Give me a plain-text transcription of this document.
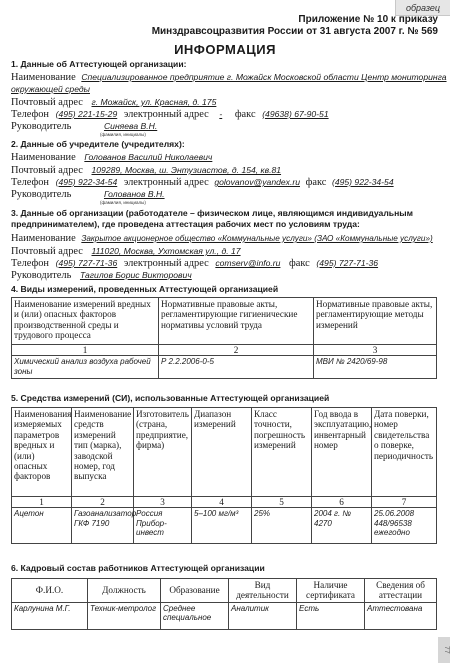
образец
Приложение № 10 к приказу
Минздравсоцразвития России от 31 августа 2007 г. № 569
ИНФОРМАЦИЯ
1. Данные об Аттестующей организации:
Наименование Специализированное предприятие г. Можайск Московской области Центр мониторинга
окружающей среды
Почтовый адрес г. Можайск, ул. Красная, д. 175
Телефон (495) 221-15-29 электронный адрес - факс (49638) 67-90-51
Руководитель	Синяева В.Н.
(фамилия, инициалы)
2. Данные об учредителе (учредителях):
Наименование Голованов Василий Николаевич
Почтовый адрес 109289, Москва, ш. Энтузиастов, д. 154, кв.81
Телефон (495) 922-34-54 электронный адрес golovanov@yandex.ru факс (495) 922-34-54
Руководитель	Голованов В.Н.
(фамилия, инициалы)
3. Данные об организации (работодателе – физическом лице, являющимся индивидуальным предпринимателем), где проведена аттестация рабочих мест по условиям труда:
Наименование Закрытое акционерное общество «Коммунальные услуги» (ЗАО «Коммунальные услуги»)
Почтовый адрес 111020, Москва, Ухтомская ул., д. 17
Телефон (495) 727-71-36 электронный адрес comserv@info.ru факс (495) 727-71-36
Руководитель Тагилов Борис Викторович
4. Виды измерений, проведенных Аттестующей организацией
Наименование измерений вредных и (или) опасных факторов производственной среды и трудового процесса	Нормативные правовые акты, регламентирующие гигиенические нормативы условий труда	Нормативные правовые акты, регламентирующие методы измерений
1	2	3
Химический анализ воздуха рабочей зоны	Р 2.2.2006-0-5	МВИ № 2420/69-98
5. Средства измерений (СИ), использованные Аттестующей организацией
Наименования измеряемых параметров вредных и (или) опасных факторов	Наименование средств измерений тип (марка), заводской номер, год выпуска	Изготовитель (страна, предприятие, фирма)	Диапазон измерений	Класс точности, погрешность измерений	Год ввода в эксплуатацию, инвентарный номер	Дата поверки, номер свидетельства о поверке, периодичность
1	2	3	4	5	6	7
Ацетон	Газоанализатор ГКФ 7190	Россия Прибор-инвест	5–100 мг/м³	25%	2004 г. № 4270	25.06.2008 448/96538 ежегодно
6. Кадровый состав работников Аттестующей организации
Ф.И.О.	Должность	Образование	Вид деятельности	Наличие сертификата	Сведения об аттестации
Карлунина М.Г.	Техник-метролог	Среднее специальное	Аналитик	Есть	Аттестована
77
